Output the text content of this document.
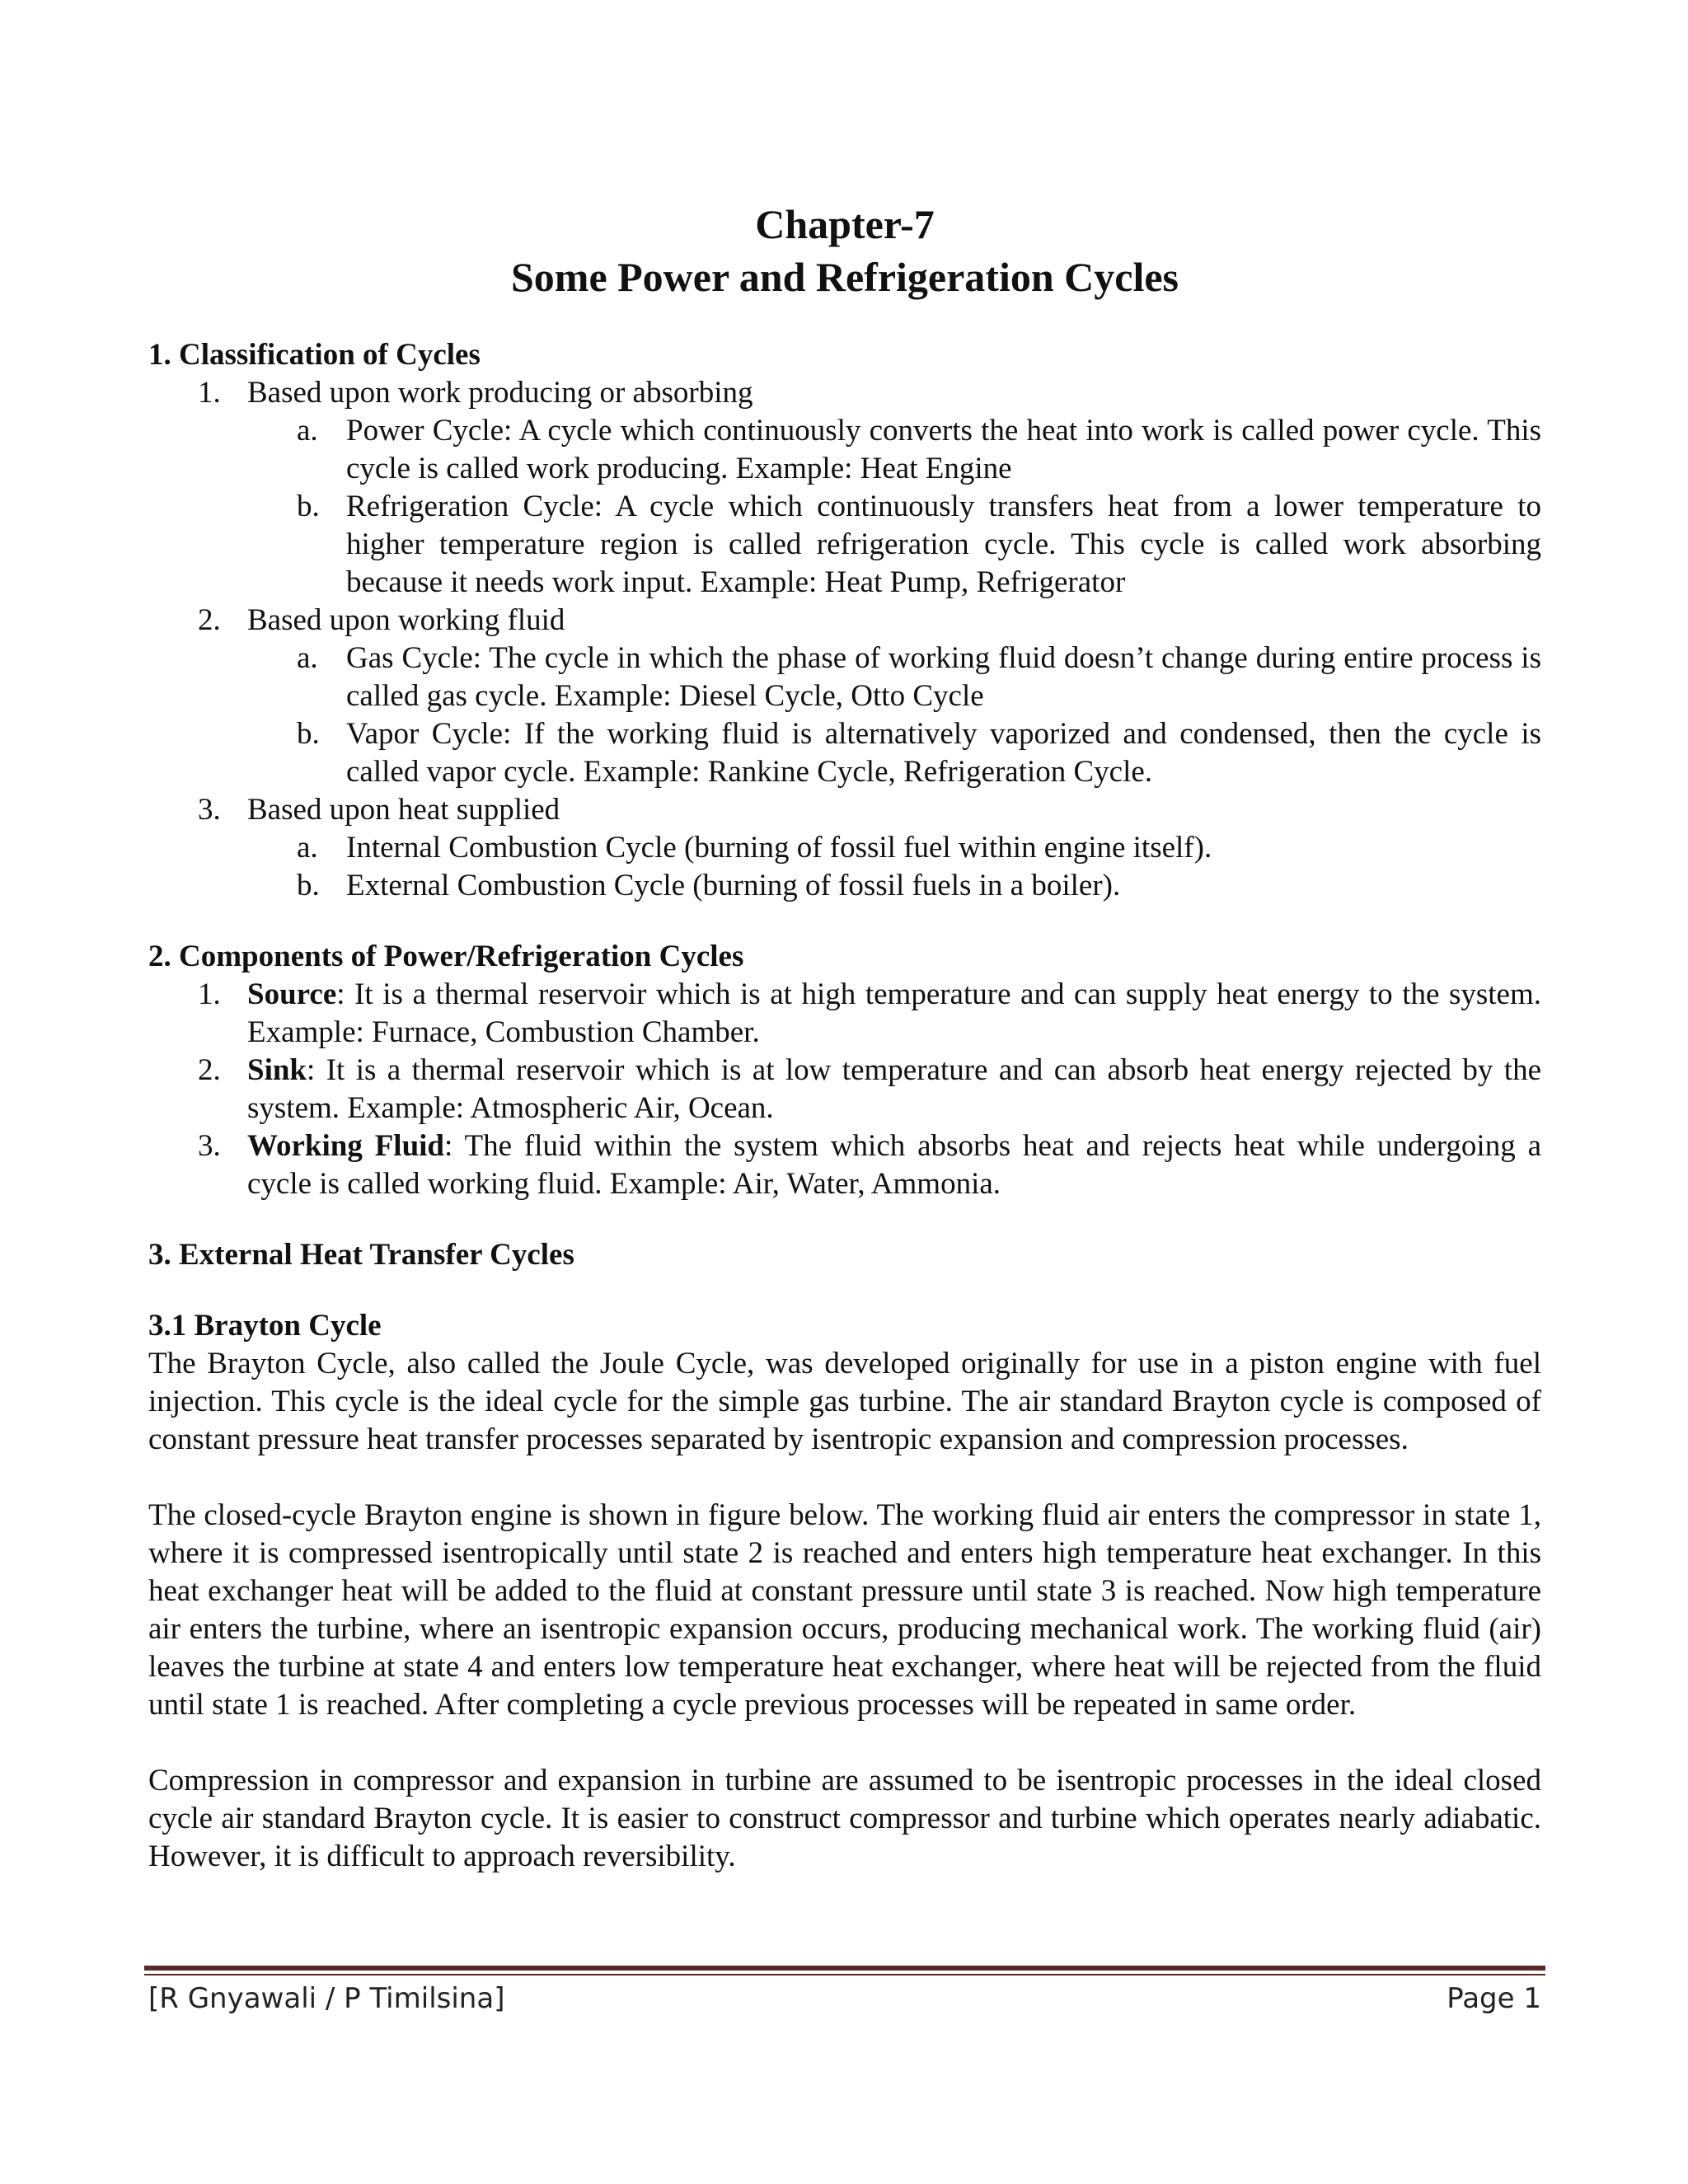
Chapter-7
Some Power and Refrigeration Cycles
1. Classification of Cycles
1. Based upon work producing or absorbing
a. Power Cycle: A cycle which continuously converts the heat into work is called power cycle. This cycle is called work producing. Example: Heat Engine
b. Refrigeration Cycle: A cycle which continuously transfers heat from a lower temperature to higher temperature region is called refrigeration cycle. This cycle is called work absorbing because it needs work input. Example: Heat Pump, Refrigerator
2. Based upon working fluid
a. Gas Cycle: The cycle in which the phase of working fluid doesn’t change during entire process is called gas cycle. Example: Diesel Cycle, Otto Cycle
b. Vapor Cycle: If the working fluid is alternatively vaporized and condensed, then the cycle is called vapor cycle. Example: Rankine Cycle, Refrigeration Cycle.
3. Based upon heat supplied
a. Internal Combustion Cycle (burning of fossil fuel within engine itself).
b. External Combustion Cycle (burning of fossil fuels in a boiler).
2. Components of Power/Refrigeration Cycles
1. Source: It is a thermal reservoir which is at high temperature and can supply heat energy to the system. Example: Furnace, Combustion Chamber.
2. Sink: It is a thermal reservoir which is at low temperature and can absorb heat energy rejected by the system. Example: Atmospheric Air, Ocean.
3. Working Fluid: The fluid within the system which absorbs heat and rejects heat while undergoing a cycle is called working fluid. Example: Air, Water, Ammonia.
3. External Heat Transfer Cycles
3.1 Brayton Cycle
The Brayton Cycle, also called the Joule Cycle, was developed originally for use in a piston engine with fuel injection. This cycle is the ideal cycle for the simple gas turbine. The air standard Brayton cycle is composed of constant pressure heat transfer processes separated by isentropic expansion and compression processes.
The closed-cycle Brayton engine is shown in figure below. The working fluid air enters the compressor in state 1, where it is compressed isentropically until state 2 is reached and enters high temperature heat exchanger. In this heat exchanger heat will be added to the fluid at constant pressure until state 3 is reached. Now high temperature air enters the turbine, where an isentropic expansion occurs, producing mechanical work. The working fluid (air) leaves the turbine at state 4 and enters low temperature heat exchanger, where heat will be rejected from the fluid until state 1 is reached. After completing a cycle previous processes will be repeated in same order.
Compression in compressor and expansion in turbine are assumed to be isentropic processes in the ideal closed cycle air standard Brayton cycle. It is easier to construct compressor and turbine which operates nearly adiabatic. However, it is difficult to approach reversibility.
[R Gnyawali / P Timilsina]	Page 1
